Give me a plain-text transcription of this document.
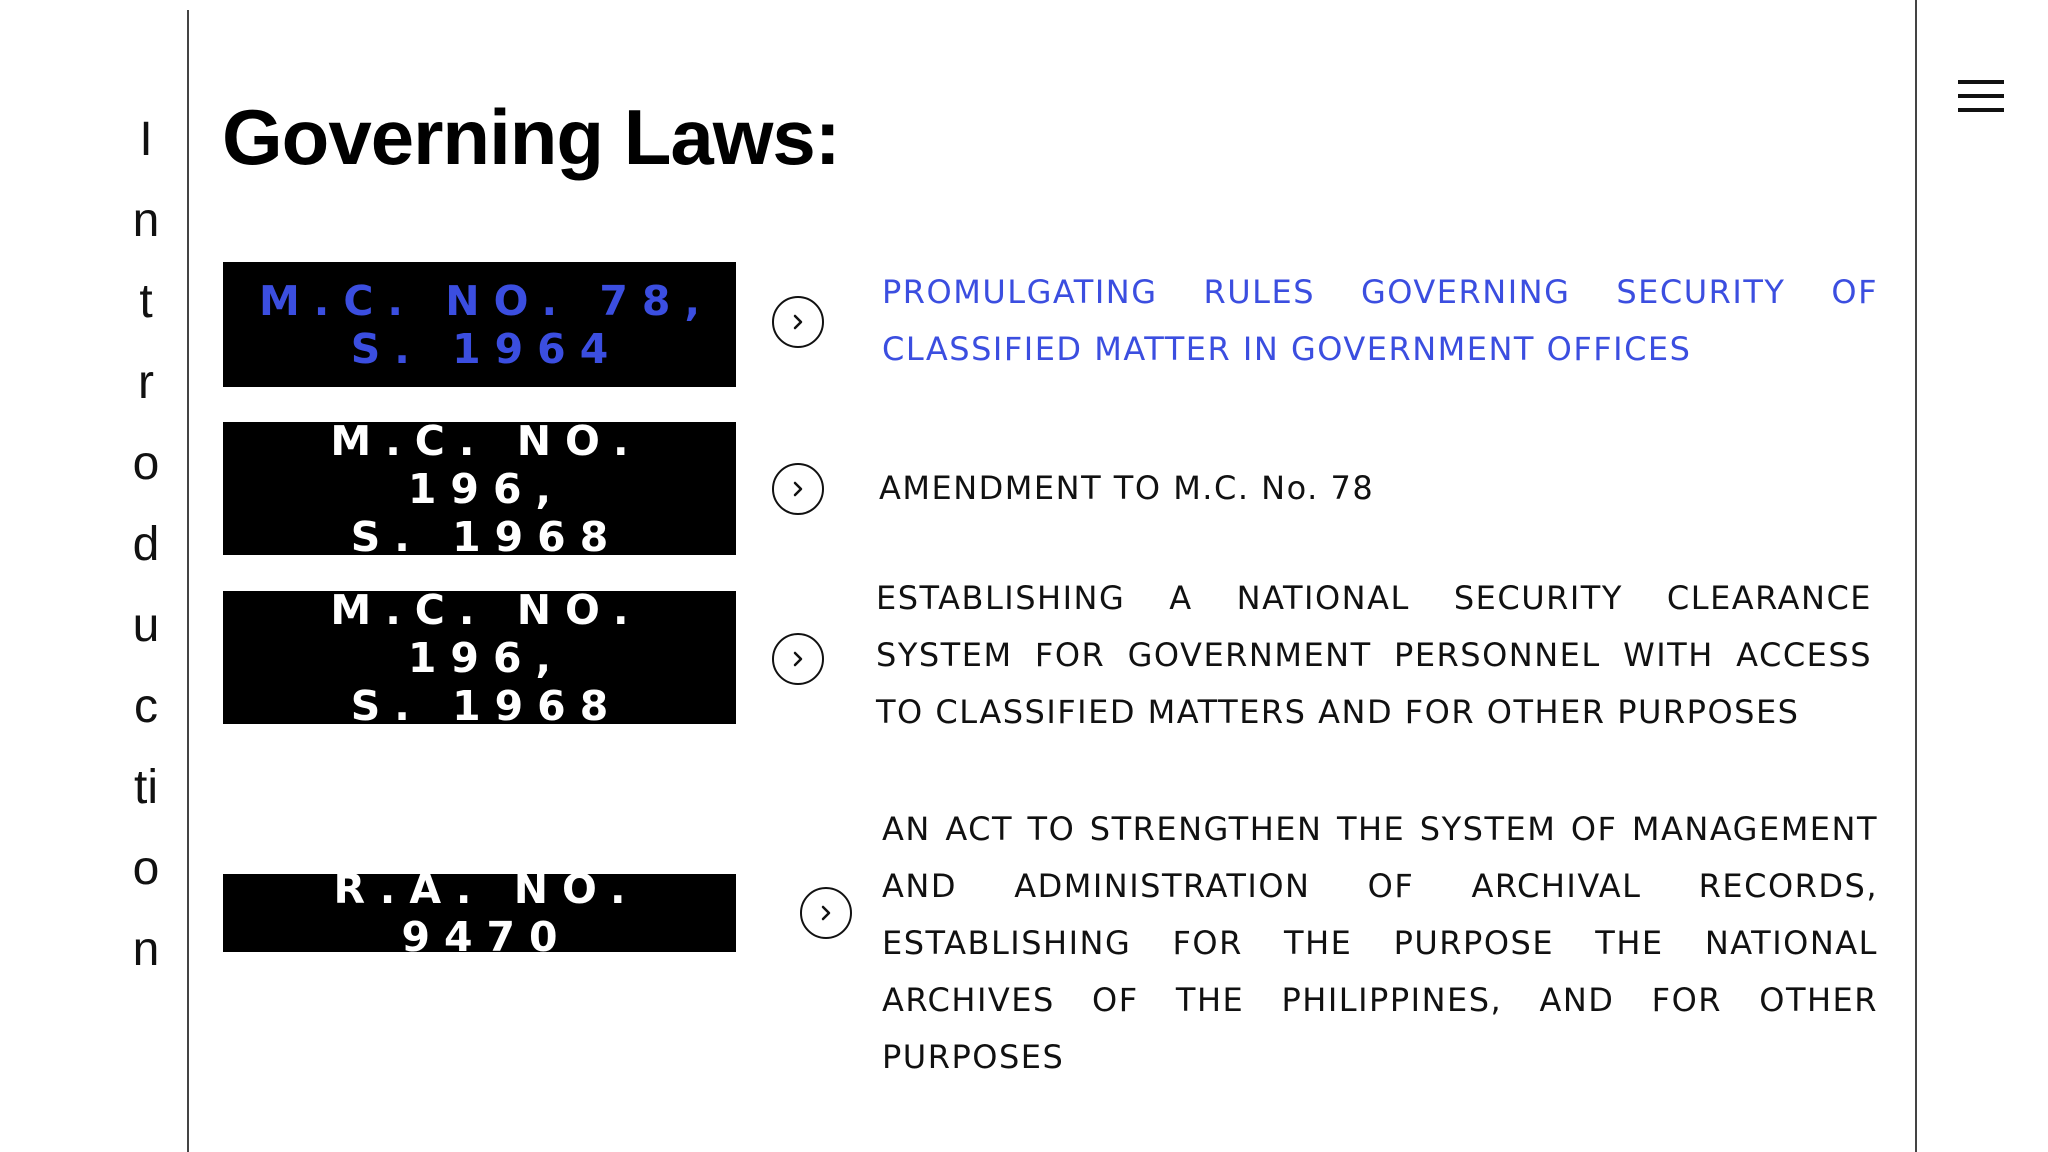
I
n
t
r
o
d
u
c
ti
o
n
Governing Laws:
M.C. NO. 78,
S. 1964

PROMULGATING RULES GOVERNING SECURITY OF CLASSIFIED MATTER IN GOVERNMENT OFFICES

M.C. NO. 196,
S. 1968

AMENDMENT TO M.C. No. 78

M.C. NO. 196,
S. 1968

ESTABLISHING A NATIONAL SECURITY CLEARANCE SYSTEM FOR GOVERNMENT PERSONNEL WITH ACCESS TO CLASSIFIED MATTERS AND FOR OTHER PURPOSES

R.A. NO. 9470

AN ACT TO STRENGTHEN THE SYSTEM OF MANAGEMENT AND ADMINISTRATION OF ARCHIVAL RECORDS, ESTABLISHING FOR THE PURPOSE THE NATIONAL ARCHIVES OF THE PHILIPPINES, AND FOR OTHER PURPOSES
